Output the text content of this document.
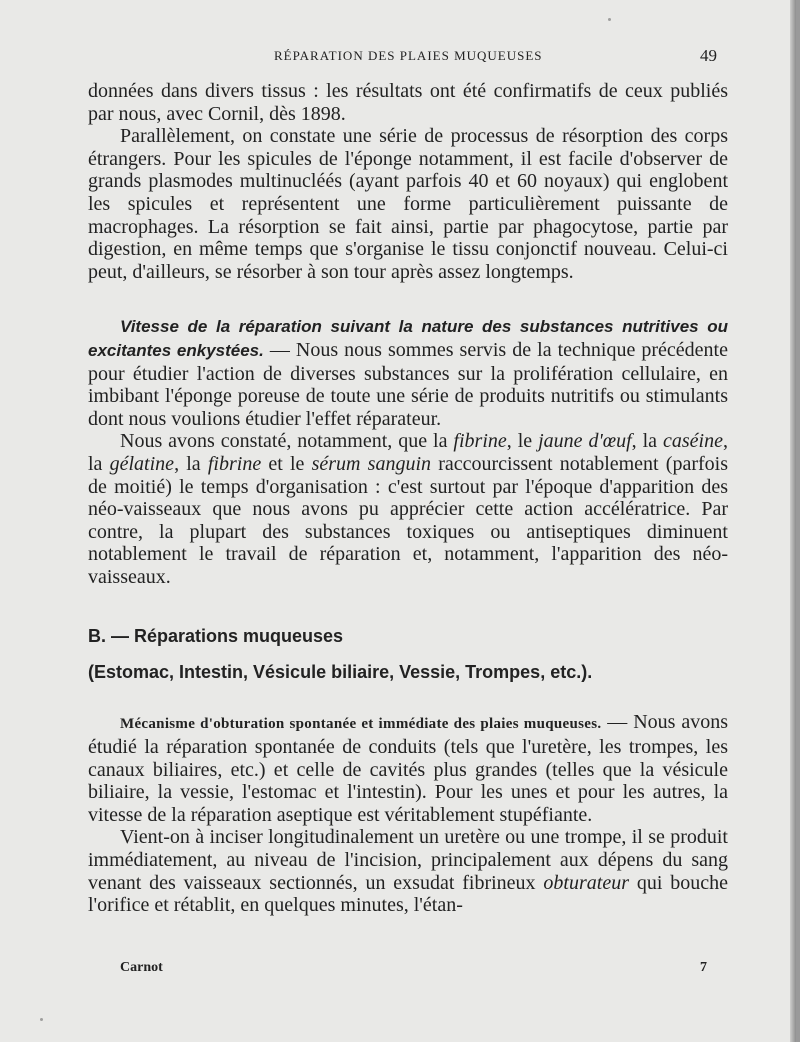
RÉPARATION DES PLAIES MUQUEUSES	49

données dans divers tissus : les résultats ont été confirmatifs de ceux publiés par nous, avec Cornil, dès 1898.

Parallèlement, on constate une série de processus de résorption des corps étrangers. Pour les spicules de l'éponge notamment, il est facile d'observer de grands plasmodes multinucléés (ayant parfois 40 et 60 noyaux) qui englobent les spicules et représentent une forme particulièrement puissante de macrophages. La résorption se fait ainsi, partie par phagocytose, partie par digestion, en même temps que s'organise le tissu conjonctif nouveau. Celui-ci peut, d'ailleurs, se résorber à son tour après assez longtemps.

Vitesse de la réparation suivant la nature des substances nutritives ou excitantes enkystées. — Nous nous sommes servis de la technique précédente pour étudier l'action de diverses substances sur la prolifération cellulaire, en imbibant l'éponge poreuse de toute une série de produits nutritifs ou stimulants dont nous voulions étudier l'effet réparateur.

Nous avons constaté, notamment, que la fibrine, le jaune d'œuf, la caséine, la gélatine, la fibrine et le sérum sanguin raccourcissent notablement (parfois de moitié) le temps d'organisation : c'est surtout par l'époque d'apparition des néo-vaisseaux que nous avons pu apprécier cette action accélératrice. Par contre, la plupart des substances toxiques ou antiseptiques diminuent notablement le travail de réparation et, notamment, l'apparition des néo-vaisseaux.

B. — Réparations muqueuses

(Estomac, Intestin, Vésicule biliaire, Vessie, Trompes, etc.).

Mécanisme d'obturation spontanée et immédiate des plaies muqueuses. — Nous avons étudié la réparation spontanée de conduits (tels que l'uretère, les trompes, les canaux biliaires, etc.) et celle de cavités plus grandes (telles que la vésicule biliaire, la vessie, l'estomac et l'intestin). Pour les unes et pour les autres, la vitesse de la réparation aseptique est véritablement stupéfiante.

Vient-on à inciser longitudinalement un uretère ou une trompe, il se produit immédiatement, au niveau de l'incision, principalement aux dépens du sang venant des vaisseaux sectionnés, un exsudat fibrineux obturateur qui bouche l'orifice et rétablit, en quelques minutes, l'étan-

Carnot	7
